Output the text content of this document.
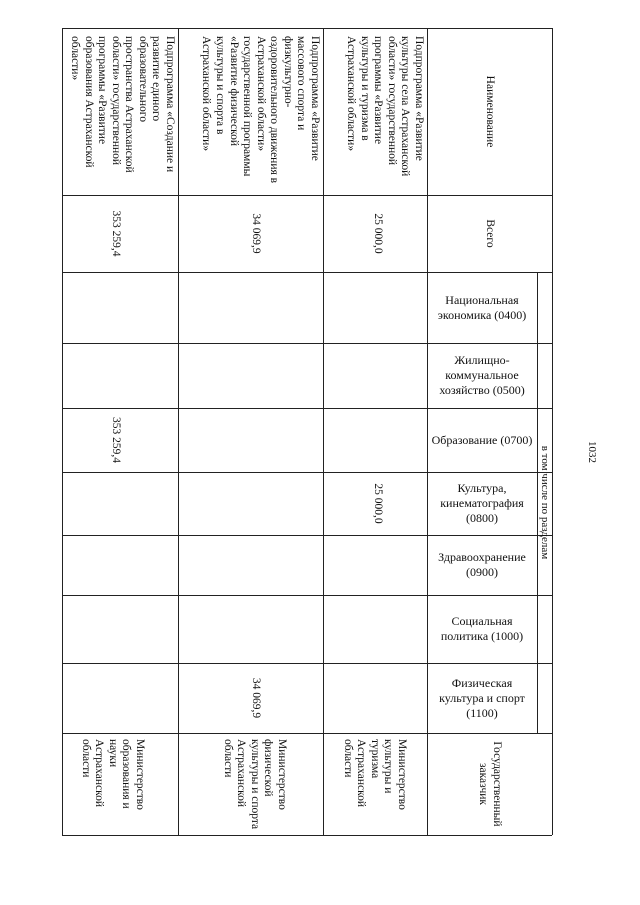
1032
Наименование
Всего
в том числе по разделам
Национальная экономика (0400)
Жилищно-коммунальное хозяйство (0500)
Образование (0700)
Культура, кинематография (0800)
Здравоохранение (0900)
Социальная политика (1000)
Физическая культура и спорт (1100)
Государственный заказчик
Подпрограмма «Развитие культуры села Астраханской области» государственной программы «Развитие культуры и туризма в Астраханской области»
25 000,0
25 000,0
Министерство культуры и туризма Астраханской области
Подпрограмма «Развитие массового спорта и физкультурно-оздоровительного движения в Астраханской области» государственной программы «Развитие физической культуры и спорта в Астраханской области»
34 069,9
34 069,9
Министерство физической культуры и спорта Астраханской области
Подпрограмма «Создание и развитие единого образовательного пространства Астраханской области» государственной программы «Развитие образования Астраханской области»
353 259,4
353 259,4
Министерство образования и науки Астраханской области
